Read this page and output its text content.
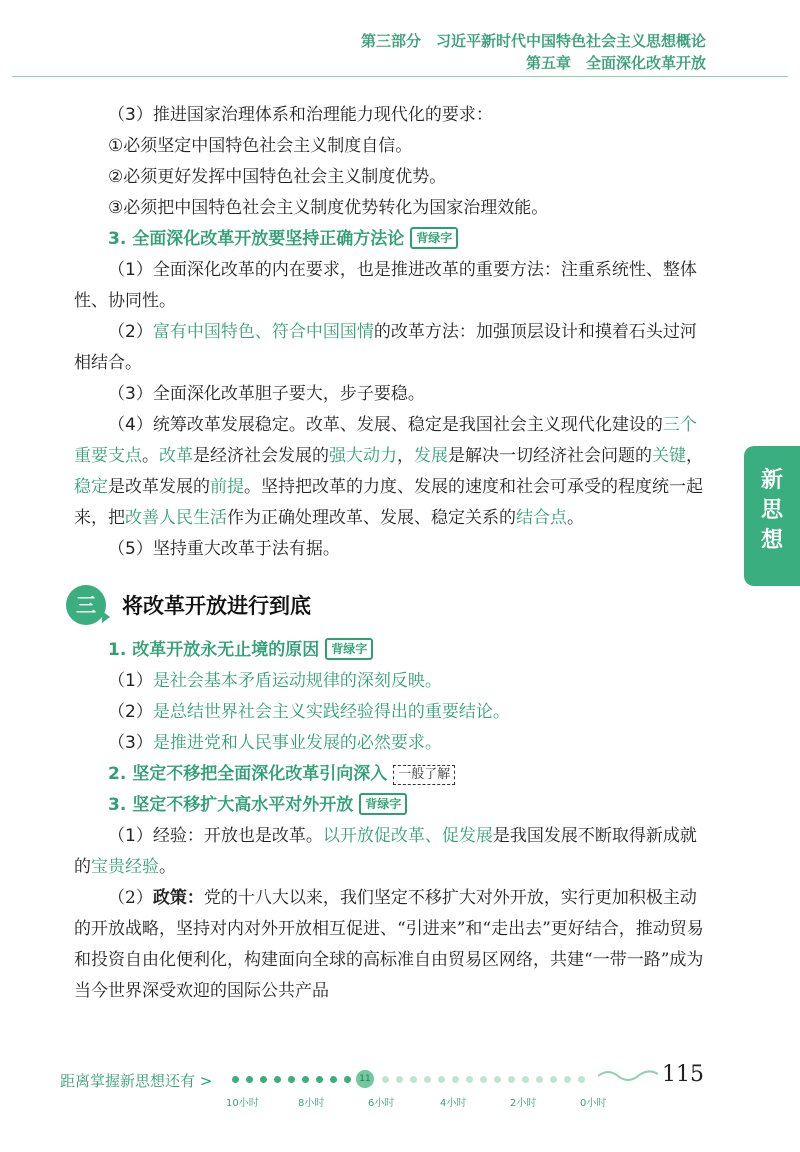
第三部分　习近平新时代中国特色社会主义思想概论
第五章　全面深化改革开放

（3）推进国家治理体系和治理能力现代化的要求：

①必须坚定中国特色社会主义制度自信。

②必须更好发挥中国特色社会主义制度优势。

③必须把中国特色社会主义制度优势转化为国家治理效能。

3. 全面深化改革开放要坚持正确方法论 背绿字

（1）全面深化改革的内在要求，也是推进改革的重要方法：注重系统性、整体性、协同性。

（2）富有中国特色、符合中国国情的改革方法：加强顶层设计和摸着石头过河相结合。

（3）全面深化改革胆子要大，步子要稳。

（4）统筹改革发展稳定。改革、发展、稳定是我国社会主义现代化建设的三个重要支点。改革是经济社会发展的强大动力，发展是解决一切经济社会问题的关键，稳定是改革发展的前提。坚持把改革的力度、发展的速度和社会可承受的程度统一起来，把改善人民生活作为正确处理改革、发展、稳定关系的结合点。

（5）坚持重大改革于法有据。

三	将改革开放进行到底

1. 改革开放永无止境的原因 背绿字

（1）是社会基本矛盾运动规律的深刻反映。

（2）是总结世界社会主义实践经验得出的重要结论。

（3）是推进党和人民事业发展的必然要求。

2. 坚定不移把全面深化改革引向深入 一般了解

3. 坚定不移扩大高水平对外开放 背绿字

（1）经验：开放也是改革。以开放促改革、促发展是我国发展不断取得新成就的宝贵经验。

（2）政策：党的十八大以来，我们坚定不移扩大对外开放，实行更加积极主动的开放战略，坚持对内对外开放相互促进、“引进来”和“走出去”更好结合，推动贸易和投资自由化便利化，构建面向全球的高标准自由贸易区网络，共建“一带一路”成为当今世界深受欢迎的国际公共产品

新
思
想
距离掌握新思想还有 >	11
10小时	8小时	6小时	4小时	2小时	0小时
115
